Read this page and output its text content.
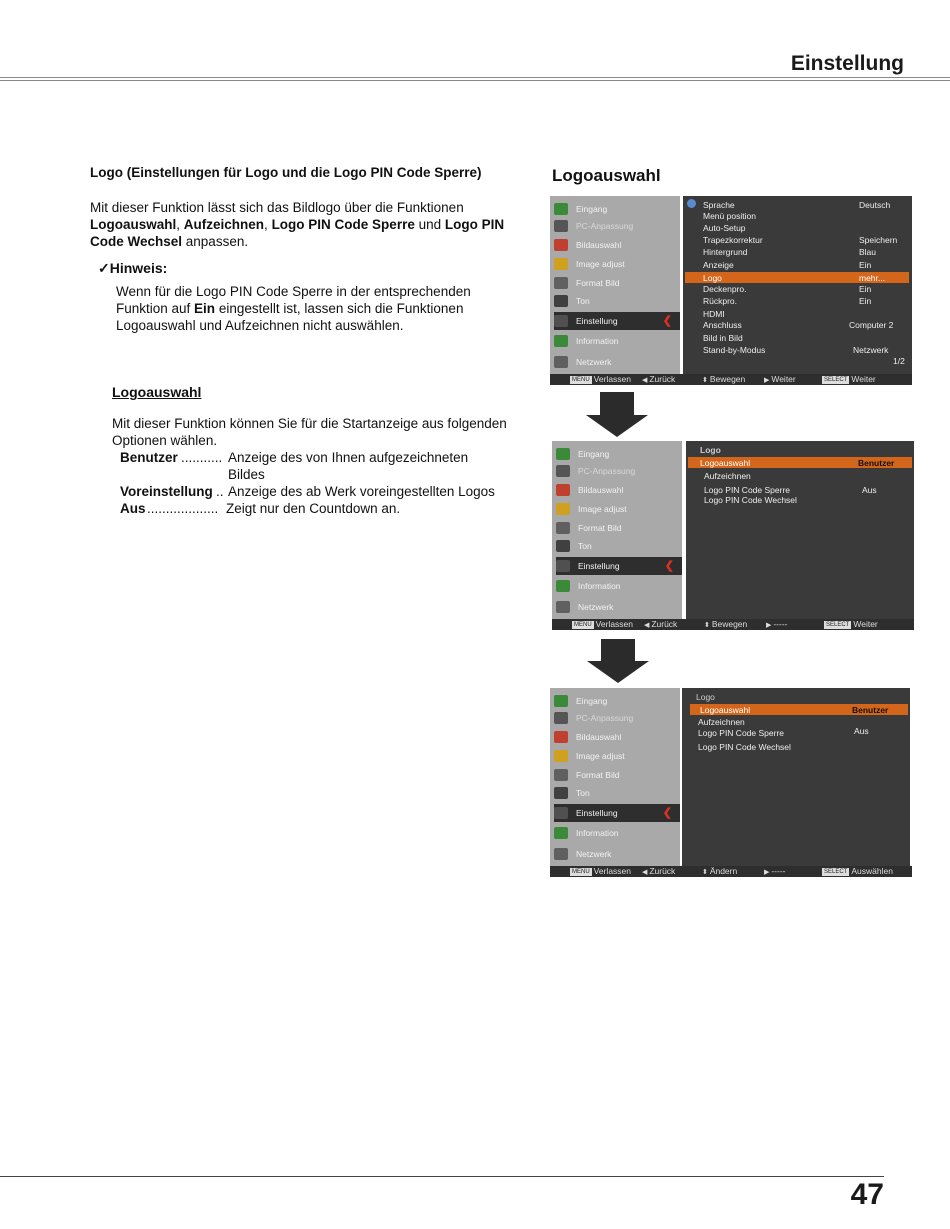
Einstellung
Logo (Einstellungen für Logo und die Logo PIN Code Sperre)
Mit dieser Funktion lässt sich das Bildlogo über die Funktionen
Logoauswahl, Aufzeichnen, Logo PIN Code Sperre und Logo PIN Code Wechsel anpassen.
✓Hinweis:
Wenn für die Logo PIN Code Sperre in der entsprechenden Funktion auf Ein eingestellt ist, lassen sich die Funktionen Logoauswahl und Aufzeichnen nicht auswählen.
Logoauswahl
Mit dieser Funktion können Sie für die Startanzeige aus folgenden Optionen wählen.
Benutzer ........... Anzeige des von Ihnen aufgezeichneten
Bildes
Voreinstellung .. Anzeige des ab Werk voreingestellten Logos
Aus ................... Zeigt nur den Countdown an.
Logoauswahl
Eingang
PC-Anpassung
Bildauswahl
Image adjust
Format Bild
Ton
Einstellung	❮
Information
Netzwerk
Sprache	Deutsch
Menü position
Auto-Setup
Trapezkorrektur	Speichern
Hintergrund	Blau
Anzeige	Ein
Logo	mehr...
Deckenpro.	Ein
Rückpro.	Ein
HDMI
Anschluss	Computer 2
Bild in Bild
Stand-by-Modus	Netzwerk
1/2
MENU Verlassen ◀ Zurück	⬍ Bewegen	▶ Weiter	SELECT Weiter
Eingang
PC-Anpassung
Bildauswahl
Image adjust
Format Bild
Ton
Einstellung	❮
Information
Netzwerk
Logo
Logoauswahl	Benutzer
Aufzeichnen
Logo PIN Code Sperre	Aus
Logo PIN Code Wechsel
MENU Verlassen ◀ Zurück	⬍ Bewegen	▶ -----	SELECT Weiter
Eingang
PC-Anpassung
Bildauswahl
Image adjust
Format Bild
Ton
Einstellung	❮
Information
Netzwerk
Logo
Logoauswahl	Benutzer
Aufzeichnen
Logo PIN Code Sperre	Aus
Logo PIN Code Wechsel
MENU Verlassen ◀ Zurück	⬍ Ändern	▶ -----	SELECT Auswählen
47
